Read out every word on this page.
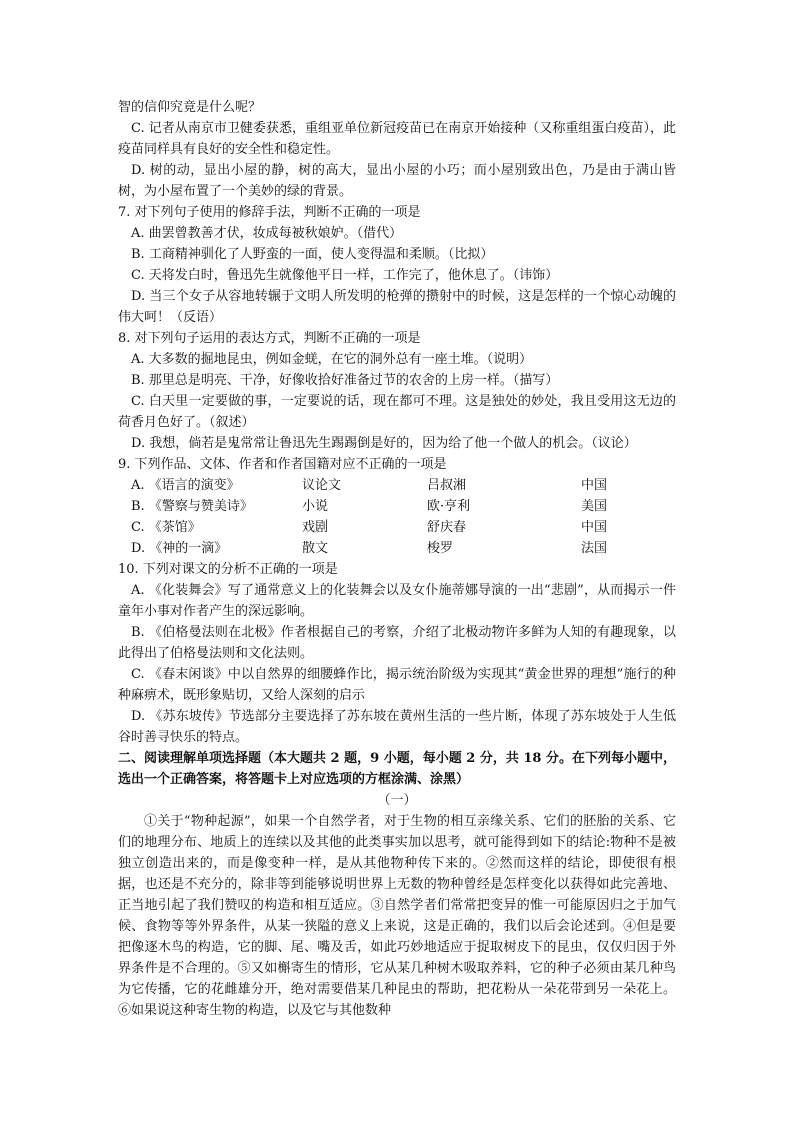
智的信仰究竟是什么呢？

C. 记者从南京市卫健委获悉，重组亚单位新冠疫苗已在南京开始接种（又称重组蛋白疫苗），此疫苗同样具有良好的安全性和稳定性。

D. 树的动，显出小屋的静，树的高大，显出小屋的小巧；而小屋别致出色，乃是由于满山皆树，为小屋布置了一个美妙的绿的背景。

7. 对下列句子使用的修辞手法，判断不正确的一项是

A. 曲罢曾教善才伏，妆成每被秋娘妒。（借代）

B. 工商精神驯化了人野蛮的一面，使人变得温和柔顺。（比拟）

C. 天将发白时，鲁迅先生就像他平日一样，工作完了，他休息了。（讳饰）

D. 当三个女子从容地转辗于文明人所发明的枪弹的攒射中的时候，这是怎样的一个惊心动魄的伟大呵！（反语）

8. 对下列句子运用的表达方式，判断不正确的一项是

A. 大多数的掘地昆虫，例如金蜣，在它的洞外总有一座土堆。（说明）

B. 那里总是明亮、干净，好像收拾好准备过节的农舍的上房一样。（描写）

C. 白天里一定要做的事，一定要说的话，现在都可不理。这是独处的妙处，我且受用这无边的荷香月色好了。（叙述）

D. 我想，倘若是鬼常常让鲁迅先生踢踢倒是好的，因为给了他一个做人的机会。（议论）

9. 下列作品、文体、作者和作者国籍对应不正确的一项是

A. 《语言的演变》	议论文	吕叔湘	中国
B. 《警察与赞美诗》	小说	欧·亨利	美国
C. 《茶馆》	戏剧	舒庆春	中国
D. 《神的一滴》	散文	梭罗	法国

10. 下列对课文的分析不正确的一项是

A. 《化装舞会》写了通常意义上的化装舞会以及女仆施蒂娜导演的一出“悲剧”，从而揭示一件童年小事对作者产生的深远影响。

B. 《伯格曼法则在北极》作者根据自己的考察，介绍了北极动物许多鲜为人知的有趣现象，以此得出了伯格曼法则和文化法则。

C. 《春末闲谈》中以自然界的细腰蜂作比，揭示统治阶级为实现其“黄金世界的理想”施行的种种麻痹术，既形象贴切，又给人深刻的启示

D. 《苏东坡传》节选部分主要选择了苏东坡在黄州生活的一些片断，体现了苏东坡处于人生低谷时善寻快乐的特点。

二、阅读理解单项选择题（本大题共 2 题，9 小题，每小题 2 分，共 18 分。在下列每小题中，选出一个正确答案，将答题卡上对应选项的方框涂满、涂黑）

（一）

①关于“物种起源”，如果一个自然学者，对于生物的相互亲缘关系、它们的胚胎的关系、它们的地理分布、地质上的连续以及其他的此类事实加以思考，就可能得到如下的结论:物种不是被独立创造出来的，而是像变种一样，是从其他物种传下来的。②然而这样的结论，即使很有根据，也还是不充分的，除非等到能够说明世界上无数的物种曾经是怎样变化以获得如此完善地、正当地引起了我们赞叹的构造和相互适应。③自然学者们常常把变异的惟一可能原因归之于加气候、食物等等外界条件，从某一狭隘的意义上来说，这是正确的，我们以后会论述到。④但是要把像逐木鸟的构造，它的脚、尾、嘴及舌，如此巧妙地适应于捉取树皮下的昆虫，仅仅归因于外界条件是不合理的。⑤又如槲寄生的情形，它从某几种树木吸取养料，它的种子必须由某几种鸟为它传播，它的花雌雄分开，绝对需要借某几种昆虫的帮助，把花粉从一朵花带到另一朵花上。⑥如果说这种寄生物的构造，以及它与其他数种
